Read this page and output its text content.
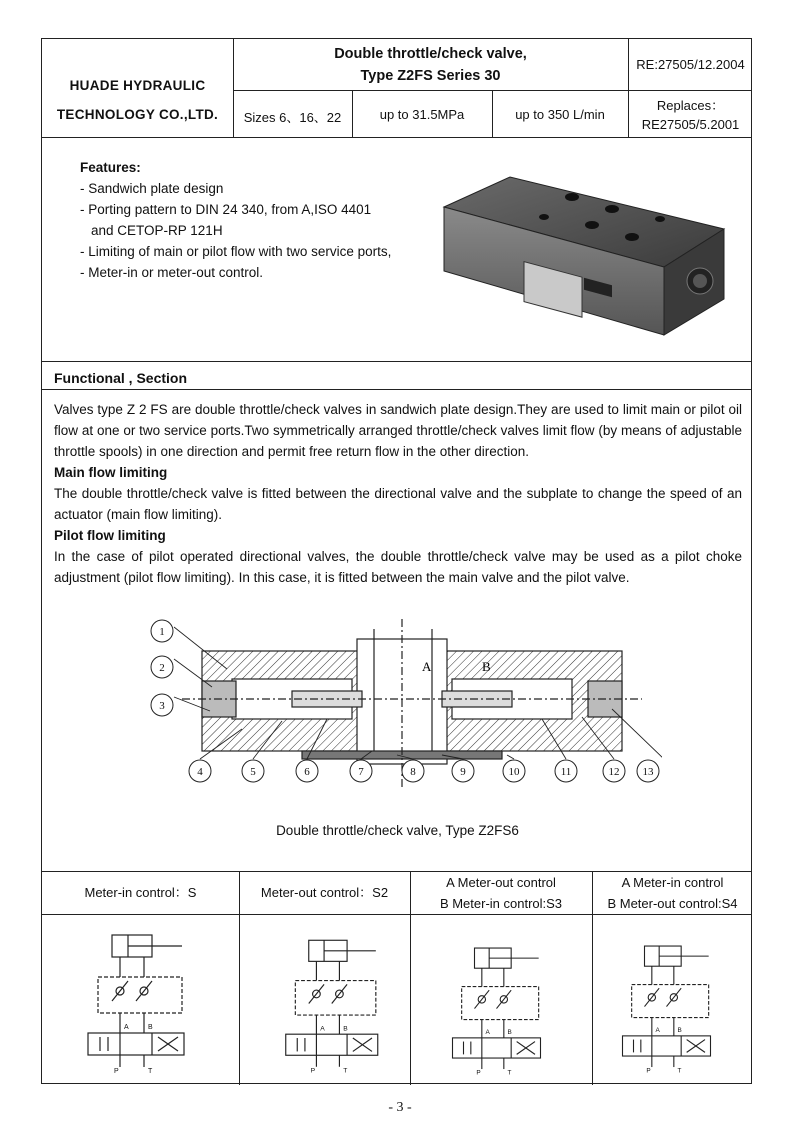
HUADE HYDRAULIC
TECHNOLOGY CO.,LTD.
Double throttle/check valve,
Type Z2FS Series 30
RE:27505/12.2004
Sizes 6、16、22	up to 31.5MPa	up to 350 L/min
Replaces：
RE27505/5.2001
Features:
- Sandwich plate design
- Porting pattern to DIN 24 340, from A,ISO 4401
and CETOP-RP 121H
- Limiting of main or pilot flow with two service ports,
- Meter-in or meter-out control.
Functional , Section
Valves type Z 2 FS are double throttle/check valves in sandwich plate design.They are used to limit main or pilot oil flow at one or two service ports.Two symmetrically arranged throttle/check valves limit flow (by means of adjustable throttle spools) in one direction and permit free return flow in the other direction.
Main flow limiting
The double throttle/check valve is fitted between the directional valve and the subplate to change the speed of an actuator (main flow limiting).
Pilot flow limiting
In the case of pilot operated directional valves, the double throttle/check valve may be used as a pilot choke adjustment (pilot flow limiting). In this case, it is fitted between the main valve and the pilot valve.
A	B
1
2
3
4	5	6	7	8	9	10	11	12 13
Double throttle/check valve, Type Z2FS6
Meter-in control：S	Meter-out control：S2
A Meter-out control
B Meter-in control:S3
A Meter-in control
B Meter-out control:S4
A	B
P	T
A	B
P	T
A	B
P	T
A	B
P	T
- 3 -
